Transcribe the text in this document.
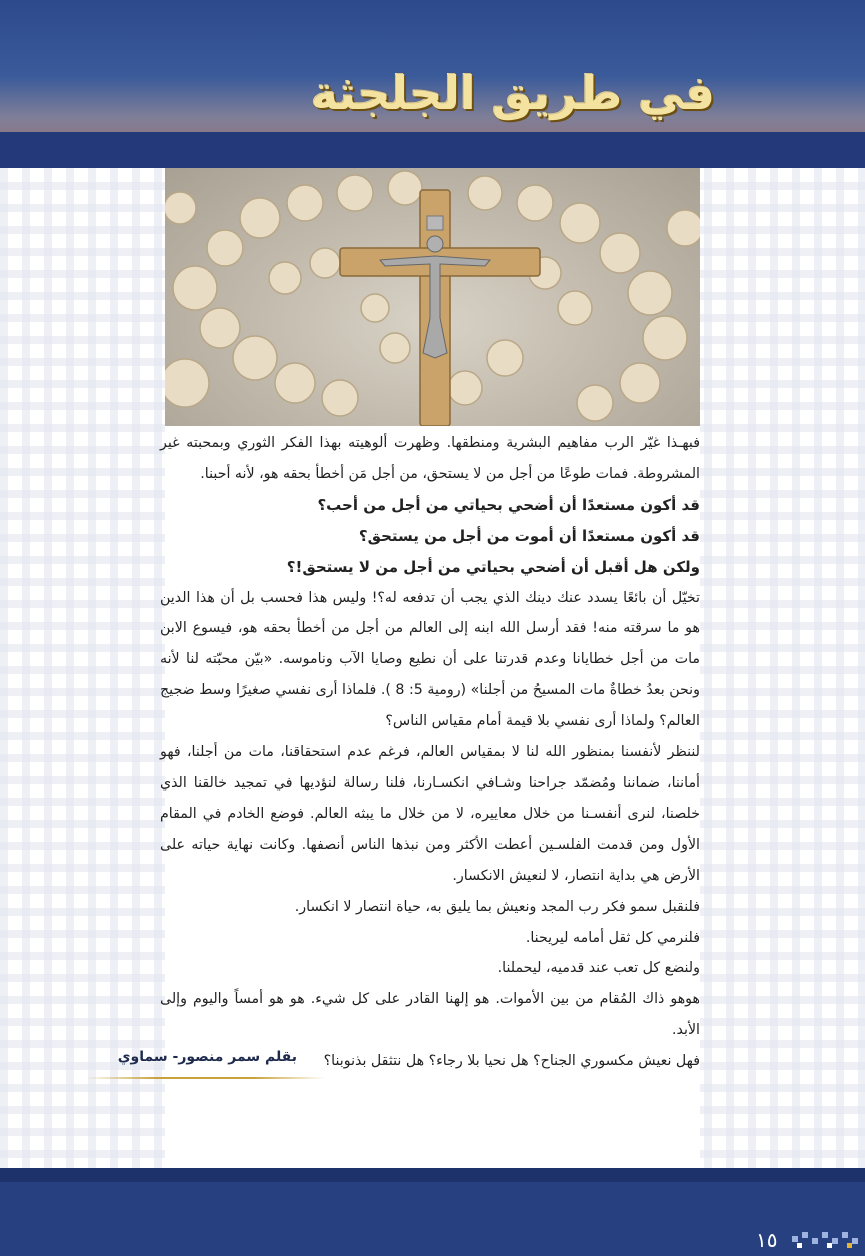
في طريق الجلجثة

فبهـذا غيّر الرب مفاهيم البشرية ومنطقها. وظهرت ألوهيته بهذا الفكر الثوري وبمحبته غير المشروطة. فمات طوعًا من أجل من لا يستحق، من أجل مَن أخطأ بحقه هو، لأنه أحبنا.

قد أكون مستعدًا أن أضحي بحياتي من أجل من أحب؟

قد أكون مستعدًا أن أموت من أجل من يستحق؟

ولكن هل أقبل أن أضحي بحياتي من أجل من لا يستحق!؟

تخيّل أن بائعًا يسدد عنك دينك الذي يجب أن تدفعه له؟! وليس هذا فحسب بل أن هذا الدين هو ما سرقته منه! فقد أرسل الله ابنه إلى العالم من أجل من أخطأ بحقه هو، فيسوع الابن مات من أجل خطايانا وعدم قدرتنا على أن نطيع وصايا الآب وناموسه. «بيّن محبّته لنا لأنه ونحن بعدُ خطاةٌ مات المسيحُ من أجلنا» (رومية 5: 8 ). فلماذا أرى نفسي صغيرًا وسط ضجيج العالم؟ ولماذا أرى نفسي بلا قيمة أمام مقياس الناس؟

لننظر لأنفسنا بمنظور الله لنا لا بمقياس العالم، فرغم عدم استحقاقنا، مات من أجلنا، فهو أماننا، ضماننا ومُضمّد جراحنا وشـافي انكسـارنا، فلنا رسالة لنؤديها في تمجيد خالقنا الذي خلصنا، لنرى أنفسـنا من خلال معاييره، لا من خلال ما يبثه العالم. فوضع الخادم في المقام الأول ومن قدمت الفلسـين أعطت الأكثر ومن نبذها الناس أنصفها. وكانت نهاية حياته على الأرض هي بداية انتصار، لا لنعيش الانكسار.

فلنقبل سمو فكر رب المجد ونعيش بما يليق به، حياة انتصار لا انكسار.

فلنرمي كل ثقل أمامه ليريحنا.

ولنضع كل تعب عند قدميه، ليحملنا.

هوهو ذاك المُقام من بين الأموات. هو إلهنا القادر على كل شيء. هو هو أمساً واليوم وإلى الأبد.

فهل نعيش مكسوري الجناح؟ هل نحيا بلا رجاء؟ هل نتثقل بذنوبنا؟

بقلم سمر منصور- سماوي

١٥
